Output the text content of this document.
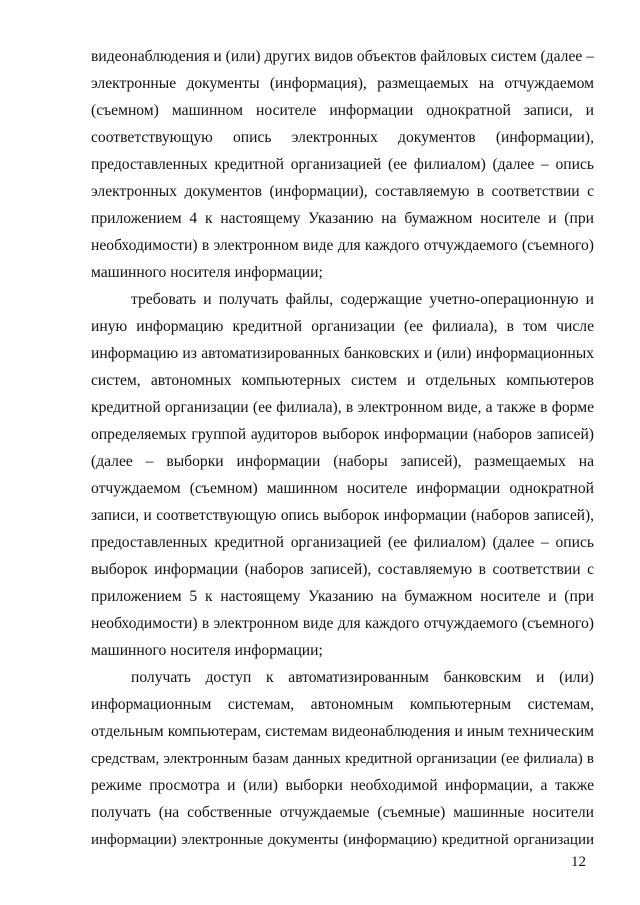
видеонаблюдения и (или) других видов объектов файловых систем (далее –
электронные документы (информация), размещаемых на отчуждаемом
(съемном) машинном носителе информации однократной записи, и
соответствующую опись электронных документов (информации),
предоставленных кредитной организацией (ее филиалом) (далее – опись
электронных документов (информации), составляемую в соответствии с
приложением 4 к настоящему Указанию на бумажном носителе и (при
необходимости) в электронном виде для каждого отчуждаемого (съемного)
машинного носителя информации;
требовать и получать файлы, содержащие учетно-операционную и
иную информацию кредитной организации (ее филиала), в том числе
информацию из автоматизированных банковских и (или) информационных
систем, автономных компьютерных систем и отдельных компьютеров
кредитной организации (ее филиала), в электронном виде, а также в форме
определяемых группой аудиторов выборок информации (наборов записей)
(далее – выборки информации (наборы записей), размещаемых на
отчуждаемом (съемном) машинном носителе информации однократной
записи, и соответствующую опись выборок информации (наборов записей),
предоставленных кредитной организацией (ее филиалом) (далее – опись
выборок информации (наборов записей), составляемую в соответствии с
приложением 5 к настоящему Указанию на бумажном носителе и (при
необходимости) в электронном виде для каждого отчуждаемого (съемного)
машинного носителя информации;
получать доступ к автоматизированным банковским и (или)
информационным системам, автономным компьютерным системам,
отдельным компьютерам, системам видеонаблюдения и иным техническим
средствам, электронным базам данных кредитной организации (ее филиала) в
режиме просмотра и (или) выборки необходимой информации, а также
получать (на собственные отчуждаемые (съемные) машинные носители
информации) электронные документы (информацию) кредитной организации
12
